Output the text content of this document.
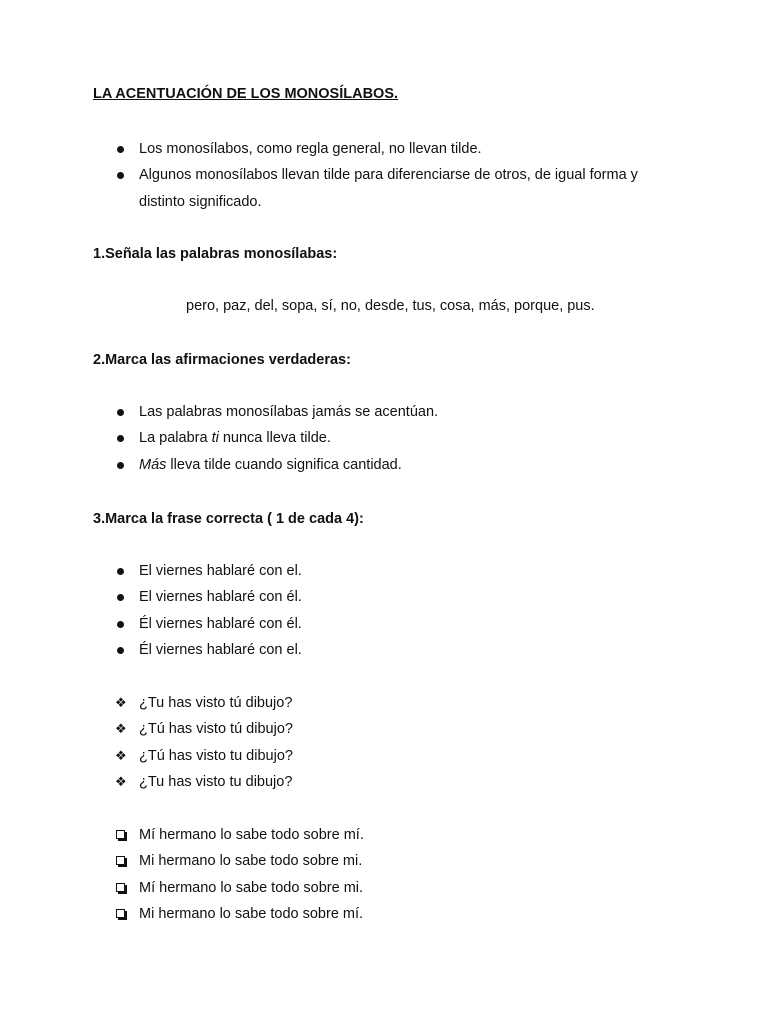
LA ACENTUACIÓN DE LOS MONOSÍLABOS.

Los monosílabos, como regla general, no llevan tilde.
Algunos monosílabos llevan tilde para diferenciarse de otros, de igual forma y
distinto significado.

1.Señala las palabras monosílabas:

pero, paz, del, sopa, sí, no, desde, tus, cosa, más, porque, pus.

2.Marca las afirmaciones verdaderas:

Las palabras monosílabas jamás se acentúan.
La palabra ti nunca lleva tilde.
Más lleva tilde cuando significa cantidad.

3.Marca la frase correcta ( 1 de cada 4):

El viernes hablaré con el.
El viernes hablaré con él.
Él viernes hablaré con él.
Él viernes hablaré con el.
❖ ¿Tu has visto tú dibujo?
❖ ¿Tú has visto tú dibujo?
❖ ¿Tú has visto tu dibujo?
❖ ¿Tu has visto tu dibujo?
Mí hermano lo sabe todo sobre mí.
Mi hermano lo sabe todo sobre mi.
Mí hermano lo sabe todo sobre mi.
Mi hermano lo sabe todo sobre mí.
